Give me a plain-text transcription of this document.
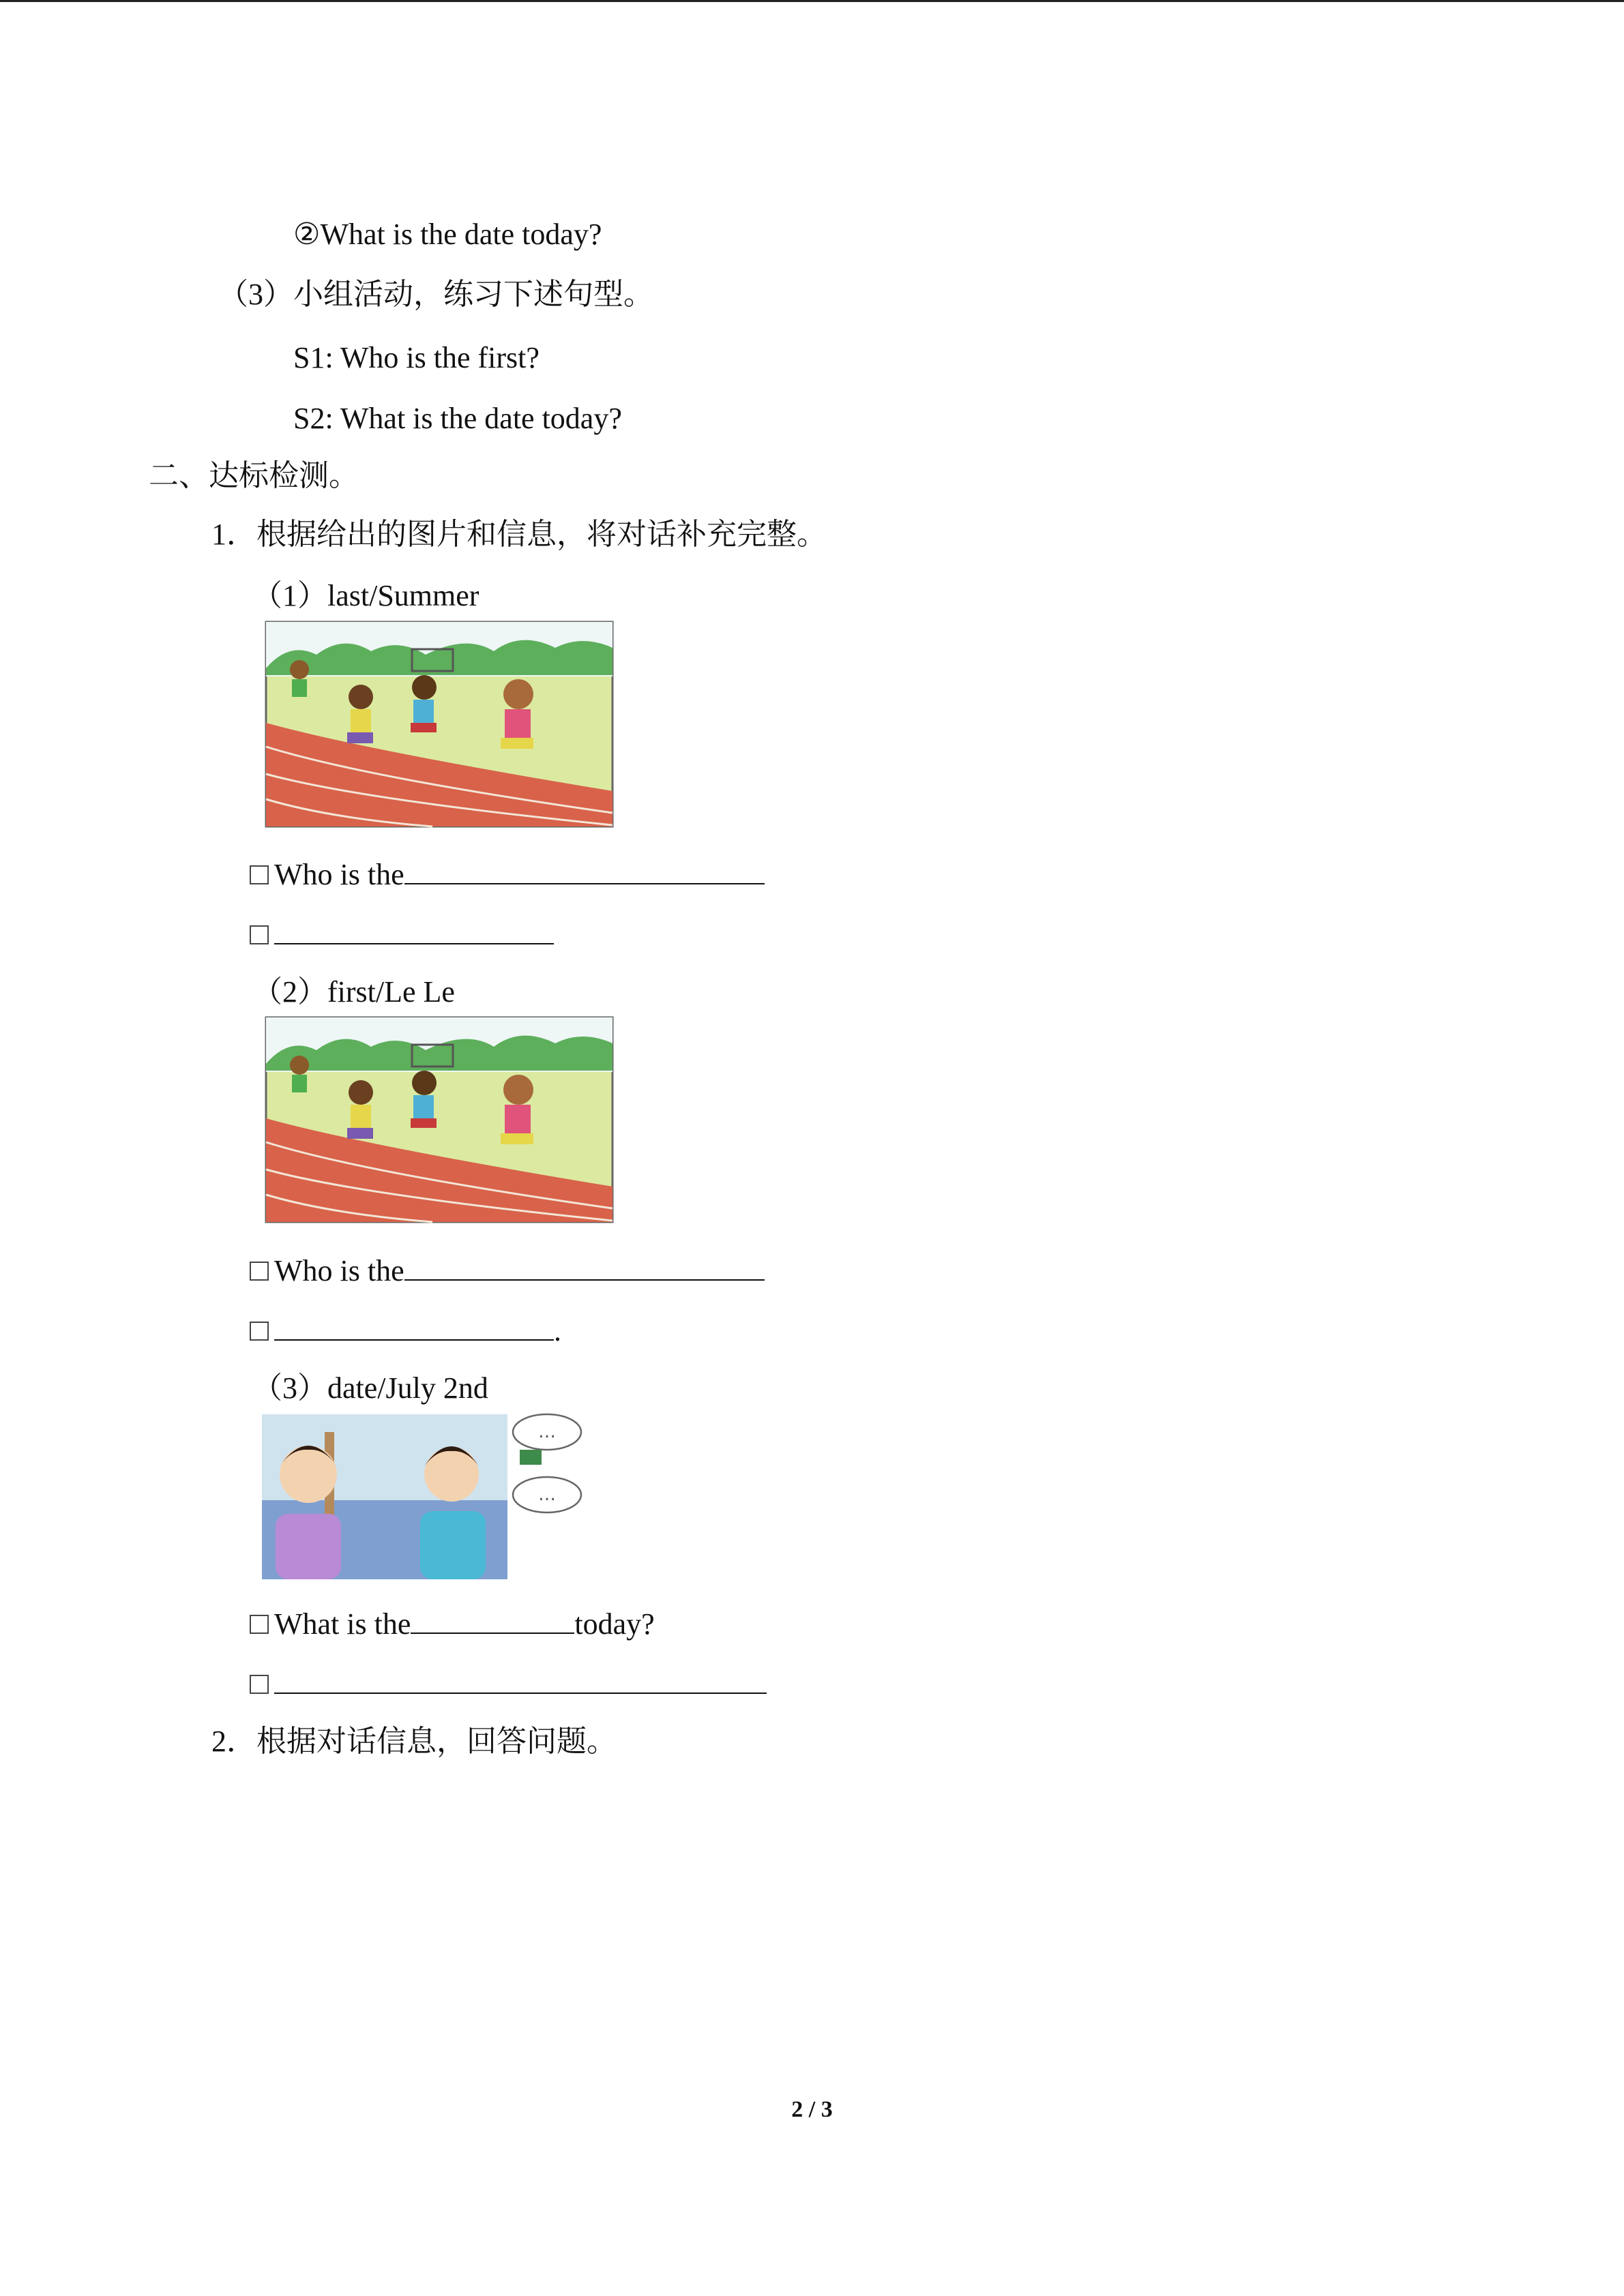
②What is the date today?
（3）小组活动，练习下述句型。
S1: Who is the first?
S2: What is the date today?
二、达标检测。
1．根据给出的图片和信息，将对话补充完整。
（1）last/Summer
Who is the
（2）first/Le Le
Who is the
.
（3）date/July 2nd
…
…
What is the	today?
2．根据对话信息，回答问题。
2 / 3
